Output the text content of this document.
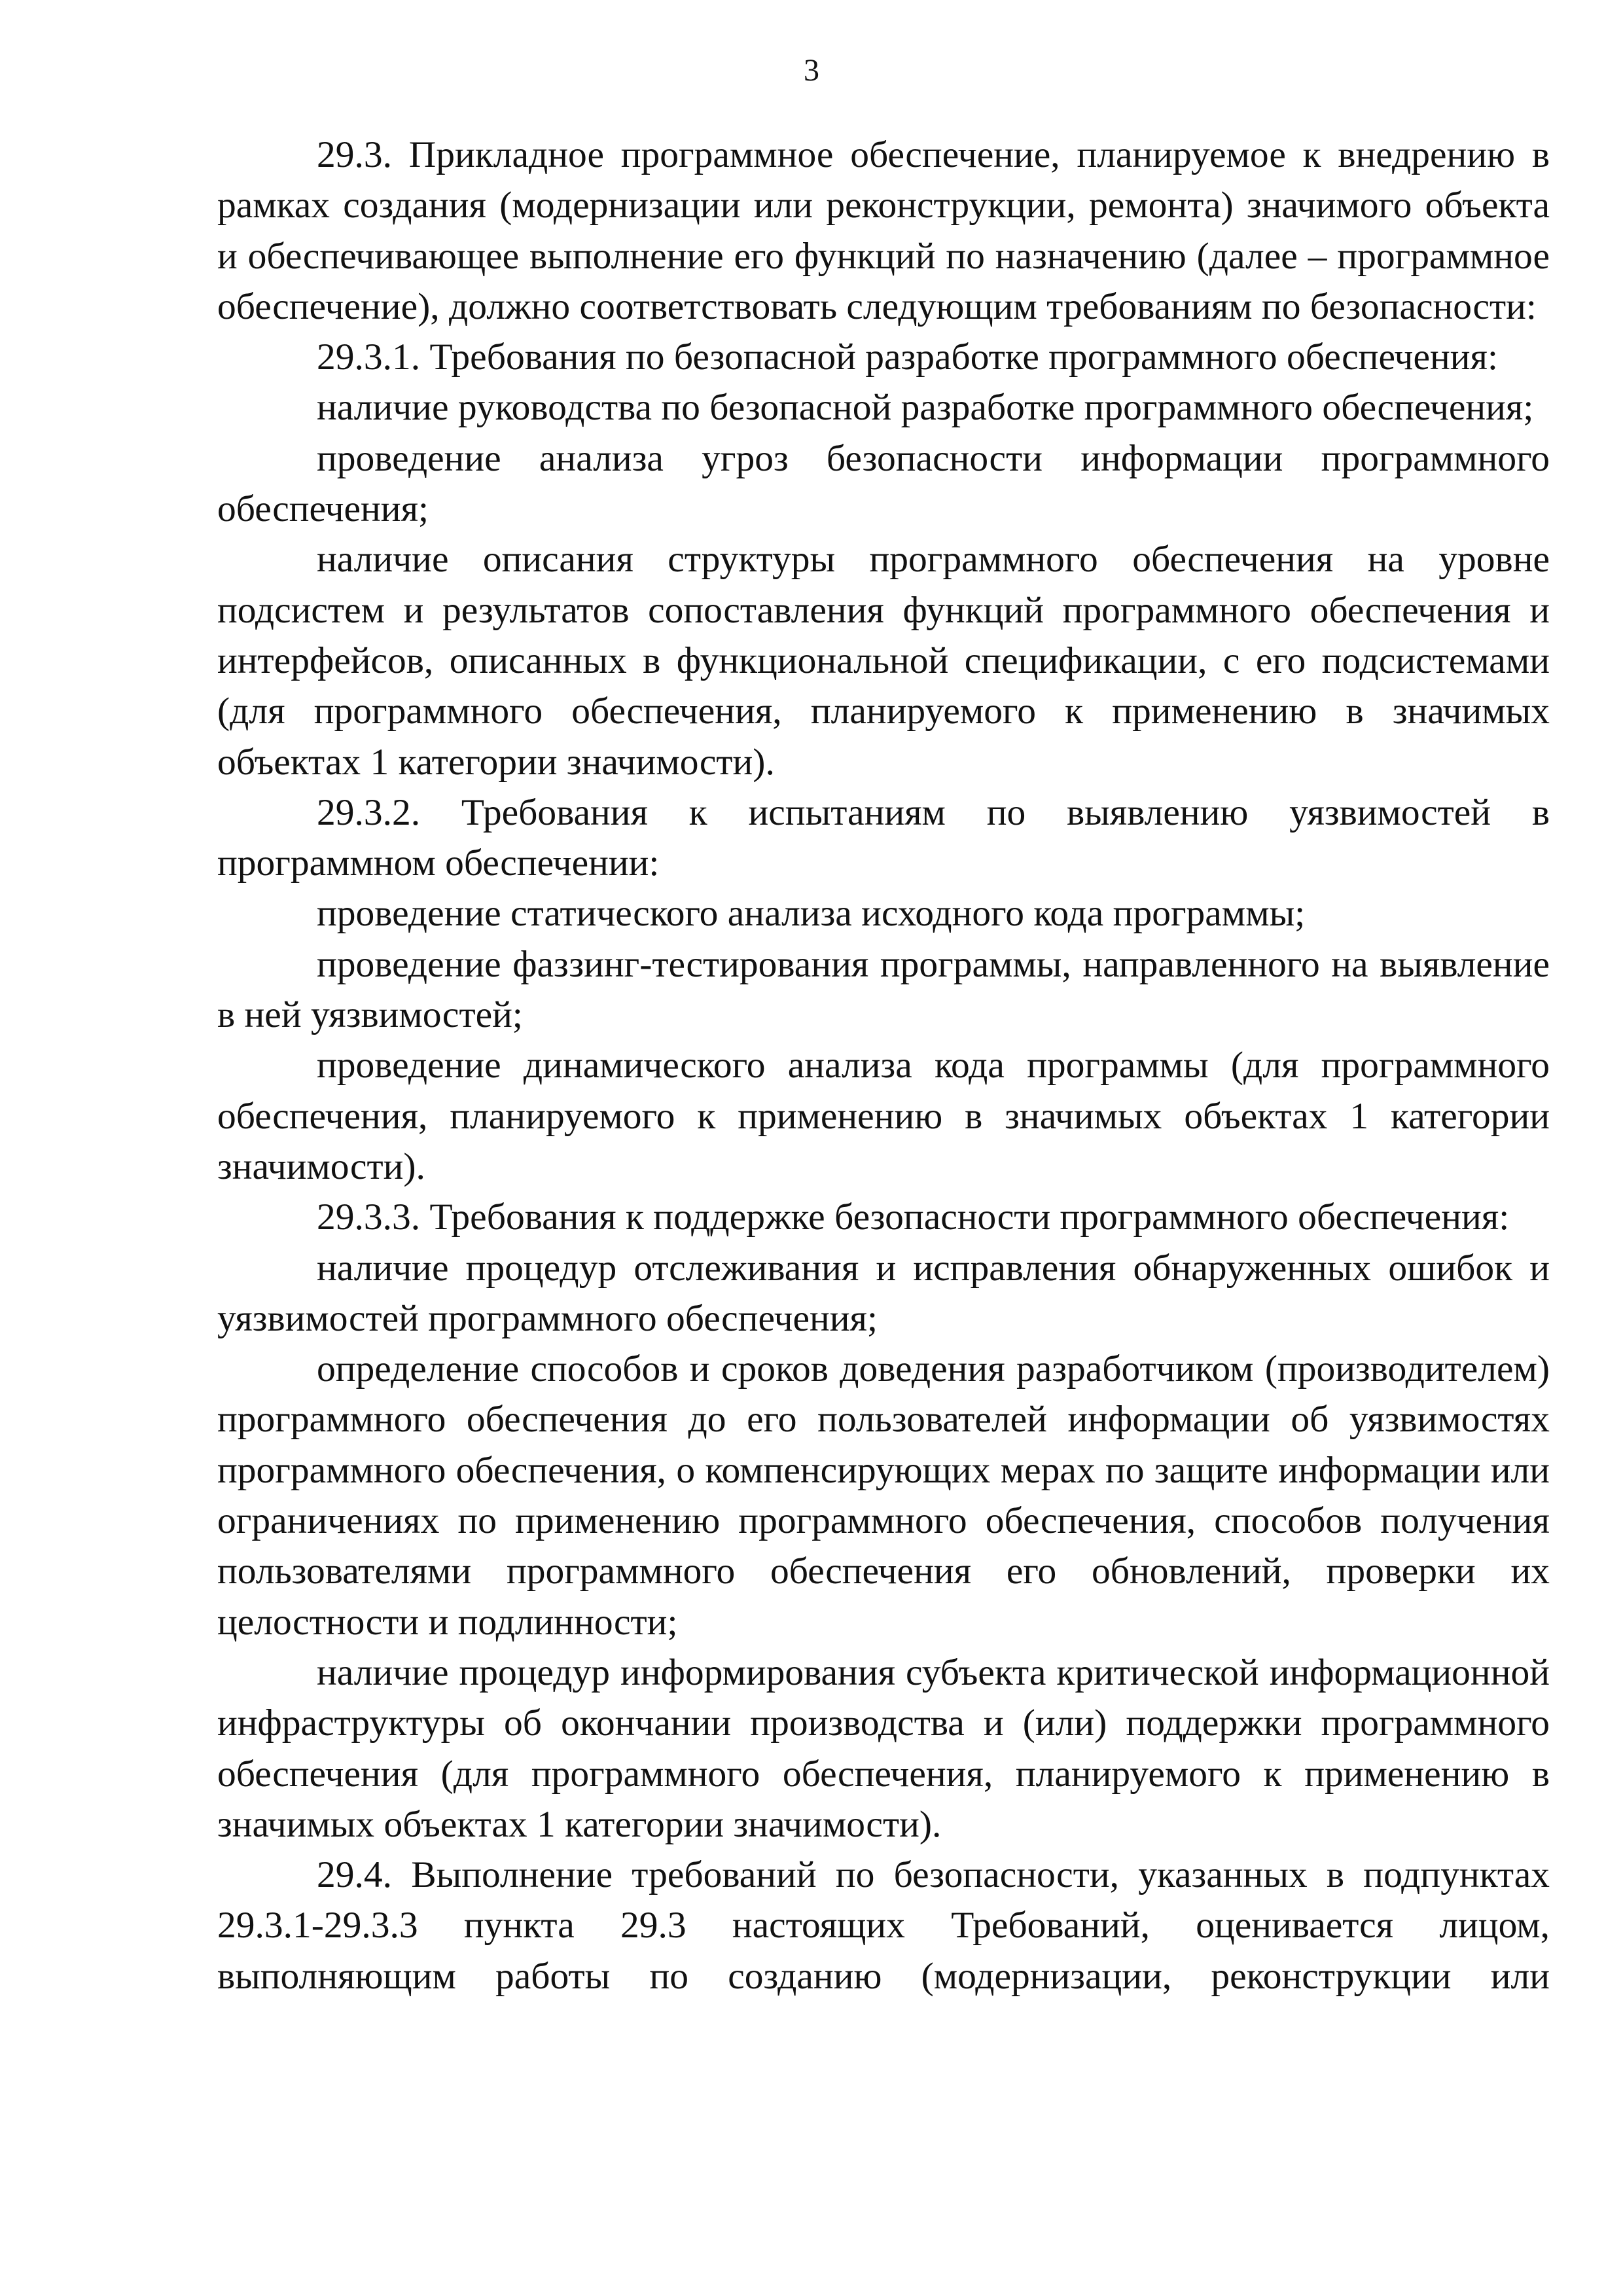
3

29.3. Прикладное программное обеспечение, планируемое к внедрению в рамках создания (модернизации или реконструкции, ремонта) значимого объекта и обеспечивающее выполнение его функций по назначению (далее – программное обеспечение), должно соответствовать следующим требованиям по безопасности:

29.3.1. Требования по безопасной разработке программного обеспечения:

наличие руководства по безопасной разработке программного обеспечения;

проведение анализа угроз безопасности информации программного обеспечения;

наличие описания структуры программного обеспечения на уровне подсистем и результатов сопоставления функций программного обеспечения и интерфейсов, описанных в функциональной спецификации, с его подсистемами (для программного обеспечения, планируемого к применению в значимых объектах 1 категории значимости).

29.3.2. Требования к испытаниям по выявлению уязвимостей в программном обеспечении:

проведение статического анализа исходного кода программы;

проведение фаззинг-тестирования программы, направленного на выявление в ней уязвимостей;

проведение динамического анализа кода программы (для программного обеспечения, планируемого к применению в значимых объектах 1 категории значимости).

29.3.3. Требования к поддержке безопасности программного обеспечения:

наличие процедур отслеживания и исправления обнаруженных ошибок и уязвимостей программного обеспечения;

определение способов и сроков доведения разработчиком (производителем) программного обеспечения до его пользователей информации об уязвимостях программного обеспечения, о компенсирующих мерах по защите информации или ограничениях по применению программного обеспечения, способов получения пользователями программного обеспечения его обновлений, проверки их целостности и подлинности;

наличие процедур информирования субъекта критической информационной инфраструктуры об окончании производства и (или) поддержки программного обеспечения (для программного обеспечения, планируемого к применению в значимых объектах 1 категории значимости).

29.4. Выполнение требований по безопасности, указанных в подпунктах 29.3.1-29.3.3 пункта 29.3 настоящих Требований, оценивается лицом, выполняющим работы по созданию (модернизации, реконструкции или
